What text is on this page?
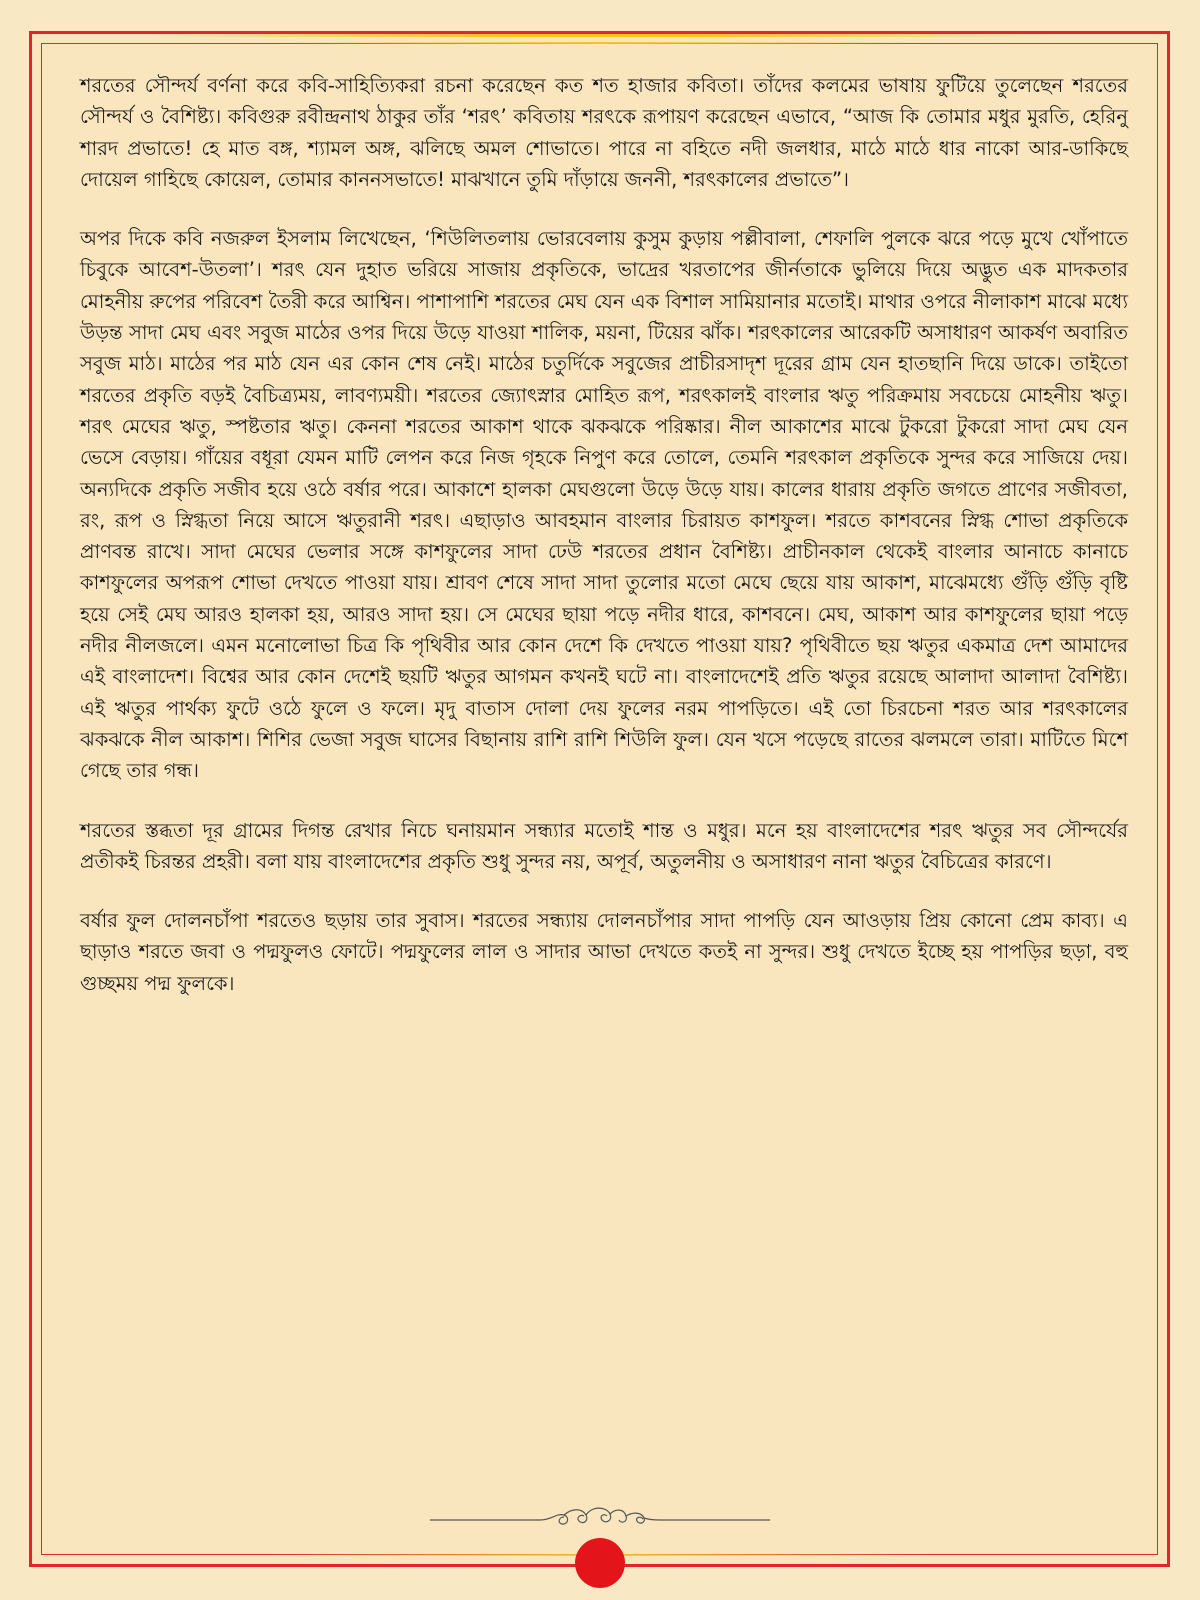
শরতের সৌন্দর্য বর্ণনা করে কবি-সাহিত্যিকরা রচনা করেছেন কত শত হাজার কবিতা। তাঁদের কলমের ভাষায় ফুটিয়ে তুলেছেন শরতের সৌন্দর্য ও বৈশিষ্ট্য। কবিগুরু রবীন্দ্রনাথ ঠাকুর তাঁর ‘শরৎ’ কবিতায় শরৎকে রূপায়ণ করেছেন এভাবে, “আজ কি তোমার মধুর মুরতি, হেরিনু শারদ প্রভাতে! হে মাত বঙ্গ, শ্যামল অঙ্গ, ঝলিছে অমল শোভাতে। পারে না বহিতে নদী জলধার, মাঠে মাঠে ধার নাকো আর-ডাকিছে দোয়েল গাহিছে কোয়েল, তোমার কাননসভাতে! মাঝখানে তুমি দাঁড়ায়ে জননী, শরৎকালের প্রভাতে”।

অপর দিকে কবি নজরুল ইসলাম লিখেছেন, ‘শিউলিতলায় ভোরবেলায় কুসুম কুড়ায় পল্লীবালা, শেফালি পুলকে ঝরে পড়ে মুখে খোঁপাতে চিবুকে আবেশ-উতলা’। শরৎ যেন দুহাত ভরিয়ে সাজায় প্রকৃতিকে, ভাদ্রের খরতাপের জীর্নতাকে ভুলিয়ে দিয়ে অদ্ভুত এক মাদকতার মোহনীয় রুপের পরিবেশ তৈরী করে আশ্বিন। পাশাপাশি শরতের মেঘ যেন এক বিশাল সামিয়ানার মতোই। মাথার ওপরে নীলাকাশ মাঝে মধ্যে উড়ন্ত সাদা মেঘ এবং সবুজ মাঠের ওপর দিয়ে উড়ে যাওয়া শালিক, ময়না, টিয়ের ঝাঁক। শরৎকালের আরেকটি অসাধারণ আকর্ষণ অবারিত সবুজ মাঠ। মাঠের পর মাঠ যেন এর কোন শেষ নেই। মাঠের চতুর্দিকে সবুজের প্রাচীরসাদৃশ দূরের গ্রাম যেন হাতছানি দিয়ে ডাকে। তাইতো শরতের প্রকৃতি বড়ই বৈচিত্র্যময়, লাবণ্যময়ী। শরতের জ্যোৎস্নার মোহিত রূপ, শরৎকালই বাংলার ঋতু পরিক্রমায় সবচেয়ে মোহনীয় ঋতু। শরৎ মেঘের ঋতু, স্পষ্টতার ঋতু। কেননা শরতের আকাশ থাকে ঝকঝকে পরিষ্কার। নীল আকাশের মাঝে টুকরো টুকরো সাদা মেঘ যেন ভেসে বেড়ায়। গাঁয়ের বধূরা যেমন মাটি লেপন করে নিজ গৃহকে নিপুণ করে তোলে, তেমনি শরৎকাল প্রকৃতিকে সুন্দর করে সাজিয়ে দেয়। অন্যদিকে প্রকৃতি সজীব হয়ে ওঠে বর্ষার পরে। আকাশে হালকা মেঘগুলো উড়ে উড়ে যায়। কালের ধারায় প্রকৃতি জগতে প্রাণের সজীবতা, রং, রূপ ও স্নিগ্ধতা নিয়ে আসে ঋতুরানী শরৎ। এছাড়াও আবহমান বাংলার চিরায়ত কাশফুল। শরতে কাশবনের স্নিগ্ধ শোভা প্রকৃতিকে প্রাণবন্ত রাখে। সাদা মেঘের ভেলার সঙ্গে কাশফুলের সাদা ঢেউ শরতের প্রধান বৈশিষ্ট্য। প্রাচীনকাল থেকেই বাংলার আনাচে কানাচে কাশফুলের অপরূপ শোভা দেখতে পাওয়া যায়। শ্রাবণ শেষে সাদা সাদা তুলোর মতো মেঘে ছেয়ে যায় আকাশ, মাঝেমধ্যে গুঁড়ি গুঁড়ি বৃষ্টি হয়ে সেই মেঘ আরও হালকা হয়, আরও সাদা হয়। সে মেঘের ছায়া পড়ে নদীর ধারে, কাশবনে। মেঘ, আকাশ আর কাশফুলের ছায়া পড়ে নদীর নীলজলে। এমন মনোলোভা চিত্র কি পৃথিবীর আর কোন দেশে কি দেখতে পাওয়া যায়? পৃথিবীতে ছয় ঋতুর একমাত্র দেশ আমাদের এই বাংলাদেশ। বিশ্বের আর কোন দেশেই ছয়টি ঋতুর আগমন কখনই ঘটে না। বাংলাদেশেই প্রতি ঋতুর রয়েছে আলাদা আলাদা বৈশিষ্ট্য। এই ঋতুর পার্থক্য ফুটে ওঠে ফুলে ও ফলে। মৃদু বাতাস দোলা দেয় ফুলের নরম পাপড়িতে। এই তো চিরচেনা শরত আর শরৎকালের ঝকঝকে নীল আকাশ। শিশির ভেজা সবুজ ঘাসের বিছানায় রাশি রাশি শিউলি ফুল। যেন খসে পড়েছে রাতের ঝলমলে তারা। মাটিতে মিশে গেছে তার গন্ধ।

শরতের স্তব্ধতা দূর গ্রামের দিগন্ত রেখার নিচে ঘনায়মান সন্ধ্যার মতোই শান্ত ও মধুর। মনে হয় বাংলাদেশের শরৎ ঋতুর সব সৌন্দর্যের প্রতীকই চিরন্তর প্রহরী। বলা যায় বাংলাদেশের প্রকৃতি শুধু সুন্দর নয়, অপূর্ব, অতুলনীয় ও অসাধারণ নানা ঋতুর বৈচিত্রের কারণে।

বর্ষার ফুল দোলনচাঁপা শরতেও ছড়ায় তার সুবাস। শরতের সন্ধ্যায় দোলনচাঁপার সাদা পাপড়ি যেন আওড়ায় প্রিয় কোনো প্রেম কাব্য। এ ছাড়াও শরতে জবা ও পদ্মফুলও ফোটে। পদ্মফুলের লাল ও সাদার আভা দেখতে কতই না সুন্দর। শুধু দেখতে ইচ্ছে হয় পাপড়ির ছড়া, বহু গুচ্ছময় পদ্ম ফুলকে।
